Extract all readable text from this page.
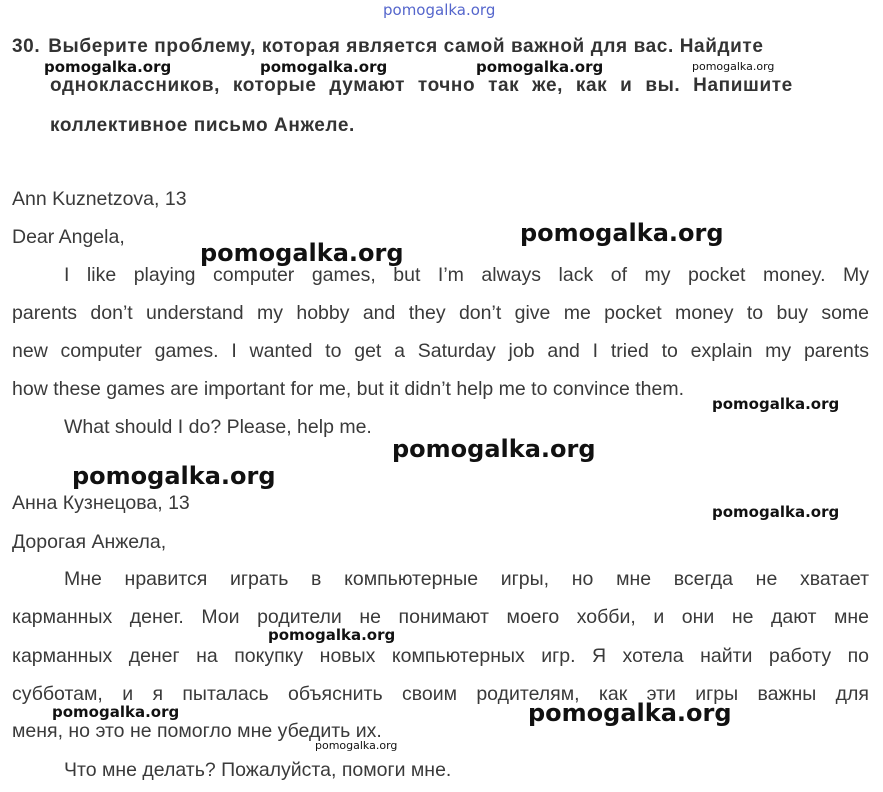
30. Выберите проблему, которая является самой важной для вас. Найдите
одноклассников, которые думают точно так же, как и вы. Напишите
коллективное письмо Анжеле.
Ann Kuznetzova, 13
Dear Angela,
I like playing computer games, but I’m always lack of my pocket money. My
parents don’t understand my hobby and they don’t give me pocket money to buy some
new computer games. I wanted to get a Saturday job and I tried to explain my parents
how these games are important for me, but it didn’t help me to convince them.
What should I do? Please, help me.
Анна Кузнецова, 13
Дорогая Анжела,
Мне нравится играть в компьютерные игры, но мне всегда не хватает
карманных денег. Мои родители не понимают моего хобби, и они не дают мне
карманных денег на покупку новых компьютерных игр. Я хотела найти работу по
субботам, и я пыталась объяснить своим родителям, как эти игры важны для
меня, но это не помогло мне убедить их.
Что мне делать? Пожалуйста, помоги мне.
pomogalka.org
pomogalka.org	pomogalka.org	pomogalka.org	pomogalka.org
pomogalka.org
pomogalka.org
pomogalka.org
pomogalka.org
pomogalka.org
pomogalka.org
pomogalka.org
pomogalka.org	pomogalka.org
pomogalka.org
